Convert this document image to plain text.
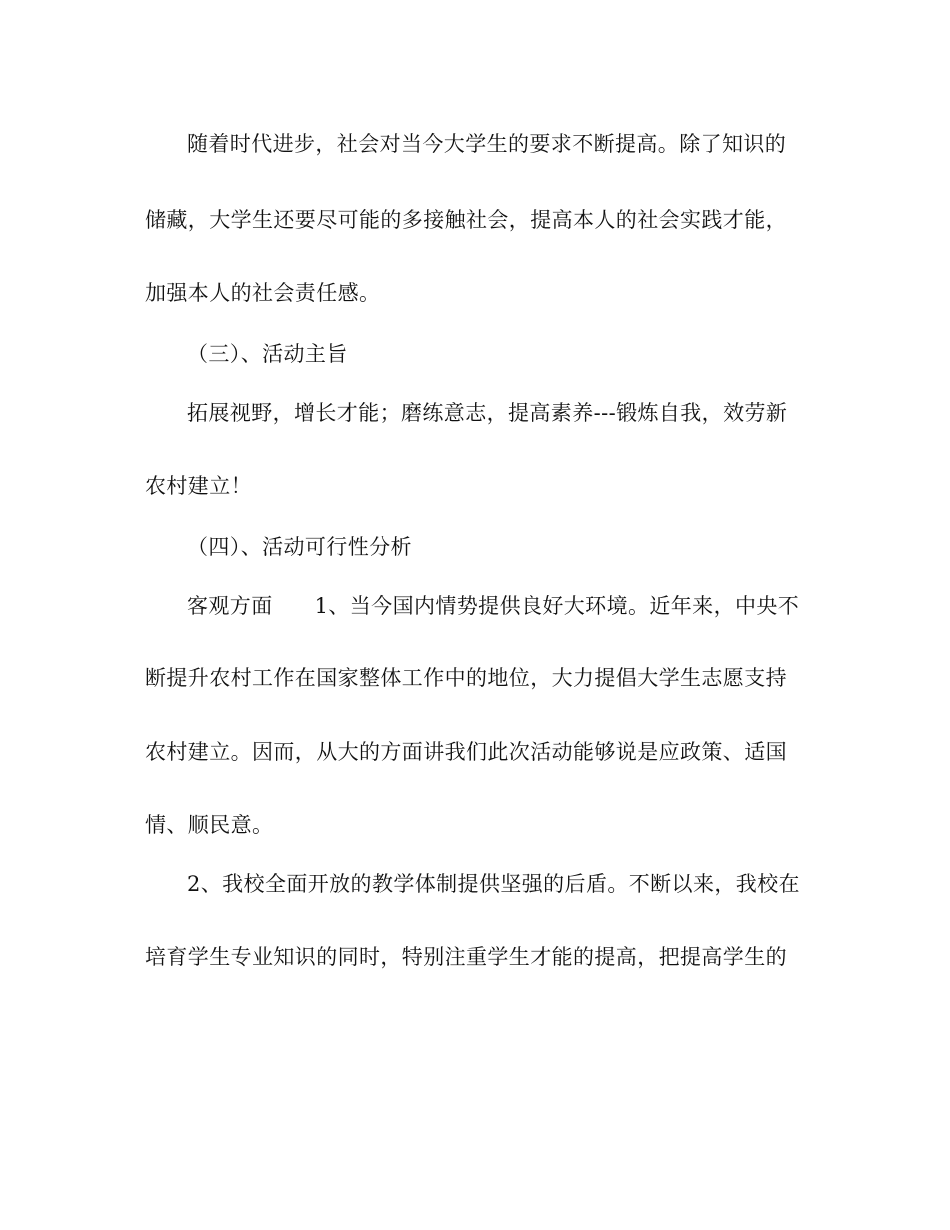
随着时代进步，社会对当今大学生的要求不断提高。除了知识的
储藏，大学生还要尽可能的多接触社会，提高本人的社会实践才能，
加强本人的社会责任感。
（三）、活动主旨
拓展视野，增长才能；磨练意志，提高素养---锻炼自我，效劳新
农村建立！
（四）、活动可行性分析
客观方面 1、当今国内情势提供良好大环境。近年来，中央不
断提升农村工作在国家整体工作中的地位，大力提倡大学生志愿支持
农村建立。因而，从大的方面讲我们此次活动能够说是应政策、适国
情、顺民意。
2、我校全面开放的教学体制提供坚强的后盾。不断以来，我校在
培育学生专业知识的同时，特别注重学生才能的提高，把提高学生的
